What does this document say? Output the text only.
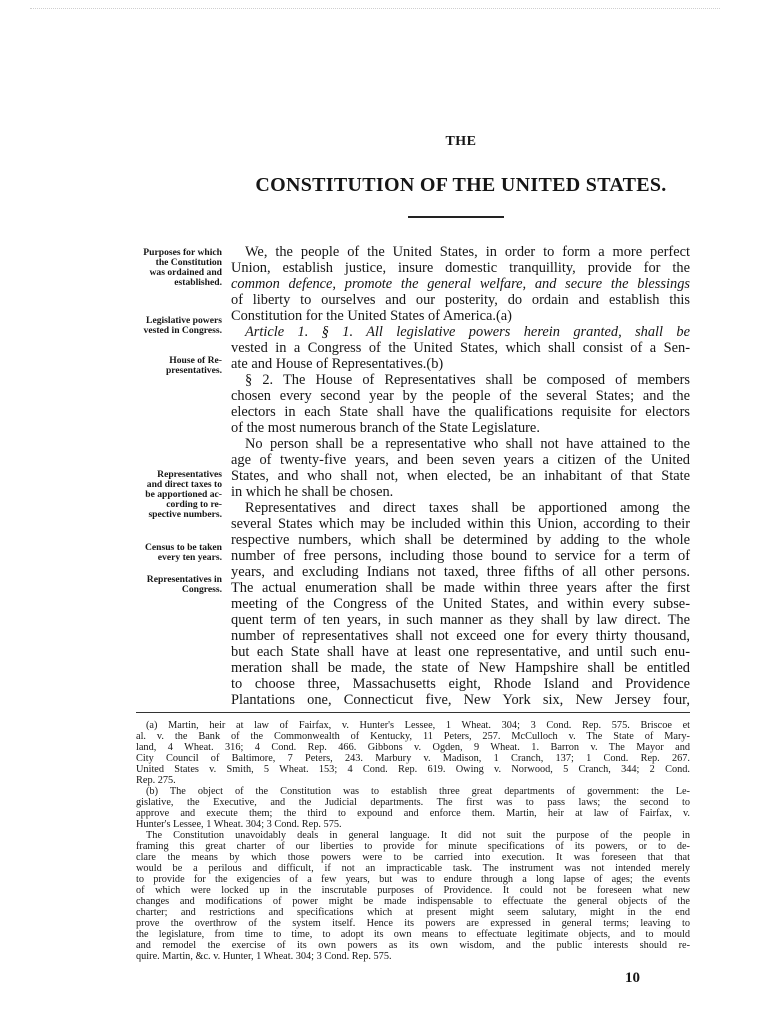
THE
CONSTITUTION OF THE UNITED STATES.
Purposes for which the Constitution was ordained and established.
Legislative powers vested in Congress.
House of Representatives.
Representatives and direct taxes to be apportioned according to respective numbers.
Census to be taken every ten years.
Representatives in Congress.

We, the people of the United States, in order to form a more perfect

Union, establish justice, insure domestic tranquillity, provide for the

common defence, promote the general welfare, and secure the blessings

of liberty to ourselves and our posterity, do ordain and establish this

Constitution for the United States of America.(a)

Article 1. § 1. All legislative powers herein granted, shall be

vested in a Congress of the United States, which shall consist of a Sen-

ate and House of Representatives.(b)

§ 2. The House of Representatives shall be composed of members

chosen every second year by the people of the several States; and the

electors in each State shall have the qualifications requisite for electors

of the most numerous branch of the State Legislature.

No person shall be a representative who shall not have attained to the

age of twenty-five years, and been seven years a citizen of the United

States, and who shall not, when elected, be an inhabitant of that State

in which he shall be chosen.

Representatives and direct taxes shall be apportioned among the

several States which may be included within this Union, according to their

respective numbers, which shall be determined by adding to the whole

number of free persons, including those bound to service for a term of

years, and excluding Indians not taxed, three fifths of all other persons.

The actual enumeration shall be made within three years after the first

meeting of the Congress of the United States, and within every subse-

quent term of ten years, in such manner as they shall by law direct. The

number of representatives shall not exceed one for every thirty thousand,

but each State shall have at least one representative, and until such enu-

meration shall be made, the state of New Hampshire shall be entitled

to choose three, Massachusetts eight, Rhode Island and Providence

Plantations one, Connecticut five, New York six, New Jersey four,

(a) Martin, heir at law of Fairfax, v. Hunter's Lessee, 1 Wheat. 304; 3 Cond. Rep. 575. Briscoe et

al. v. the Bank of the Commonwealth of Kentucky, 11 Peters, 257. McCulloch v. The State of Mary-

land, 4 Wheat. 316; 4 Cond. Rep. 466. Gibbons v. Ogden, 9 Wheat. 1. Barron v. The Mayor and

City Council of Baltimore, 7 Peters, 243. Marbury v. Madison, 1 Cranch, 137; 1 Cond. Rep. 267.

United States v. Smith, 5 Wheat. 153; 4 Cond. Rep. 619. Owing v. Norwood, 5 Cranch, 344; 2 Cond.

Rep. 275.

(b) The object of the Constitution was to establish three great departments of government: the Le-

gislative, the Executive, and the Judicial departments. The first was to pass laws; the second to

approve and execute them; the third to expound and enforce them. Martin, heir at law of Fairfax, v.

Hunter's Lessee, 1 Wheat. 304; 3 Cond. Rep. 575.

The Constitution unavoidably deals in general language. It did not suit the purpose of the people in

framing this great charter of our liberties to provide for minute specifications of its powers, or to de-

clare the means by which those powers were to be carried into execution. It was foreseen that that

would be a perilous and difficult, if not an impracticable task. The instrument was not intended merely

to provide for the exigencies of a few years, but was to endure through a long lapse of ages; the events

of which were locked up in the inscrutable purposes of Providence. It could not be foreseen what new

changes and modifications of power might be made indispensable to effectuate the general objects of the

charter; and restrictions and specifications which at present might seem salutary, might in the end

prove the overthrow of the system itself. Hence its powers are expressed in general terms; leaving to

the legislature, from time to time, to adopt its own means to effectuate legitimate objects, and to mould

and remodel the exercise of its own powers as its own wisdom, and the public interests should re-

quire. Martin, &c. v. Hunter, 1 Wheat. 304; 3 Cond. Rep. 575.

10
